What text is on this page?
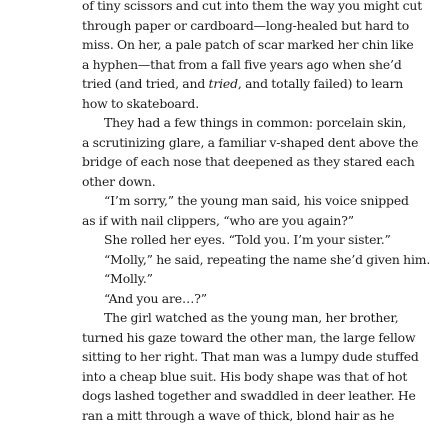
of tiny scissors and cut into them the way you might cut
through paper or cardboard—long-healed but hard to
miss. On her, a pale patch of scar marked her chin like
a hyphen—that from a fall five years ago when she’d
tried (and tried, and tried, and totally failed) to learn
how to skateboard.
They had a few things in common: porcelain skin,
a scrutinizing glare, a familiar v-shaped dent above the
bridge of each nose that deepened as they stared each
other down.
“I’m sorry,” the young man said, his voice snipped
as if with nail clippers, “who are you again?”
She rolled her eyes. “Told you. I’m your sister.”
“Molly,” he said, repeating the name she’d given him.
“Molly.”
“And you are…?”
The girl watched as the young man, her brother,
turned his gaze toward the other man, the large fellow
sitting to her right. That man was a lumpy dude stuffed
into a cheap blue suit. His body shape was that of hot
dogs lashed together and swaddled in deer leather. He
ran a mitt through a wave of thick, blond hair as he
